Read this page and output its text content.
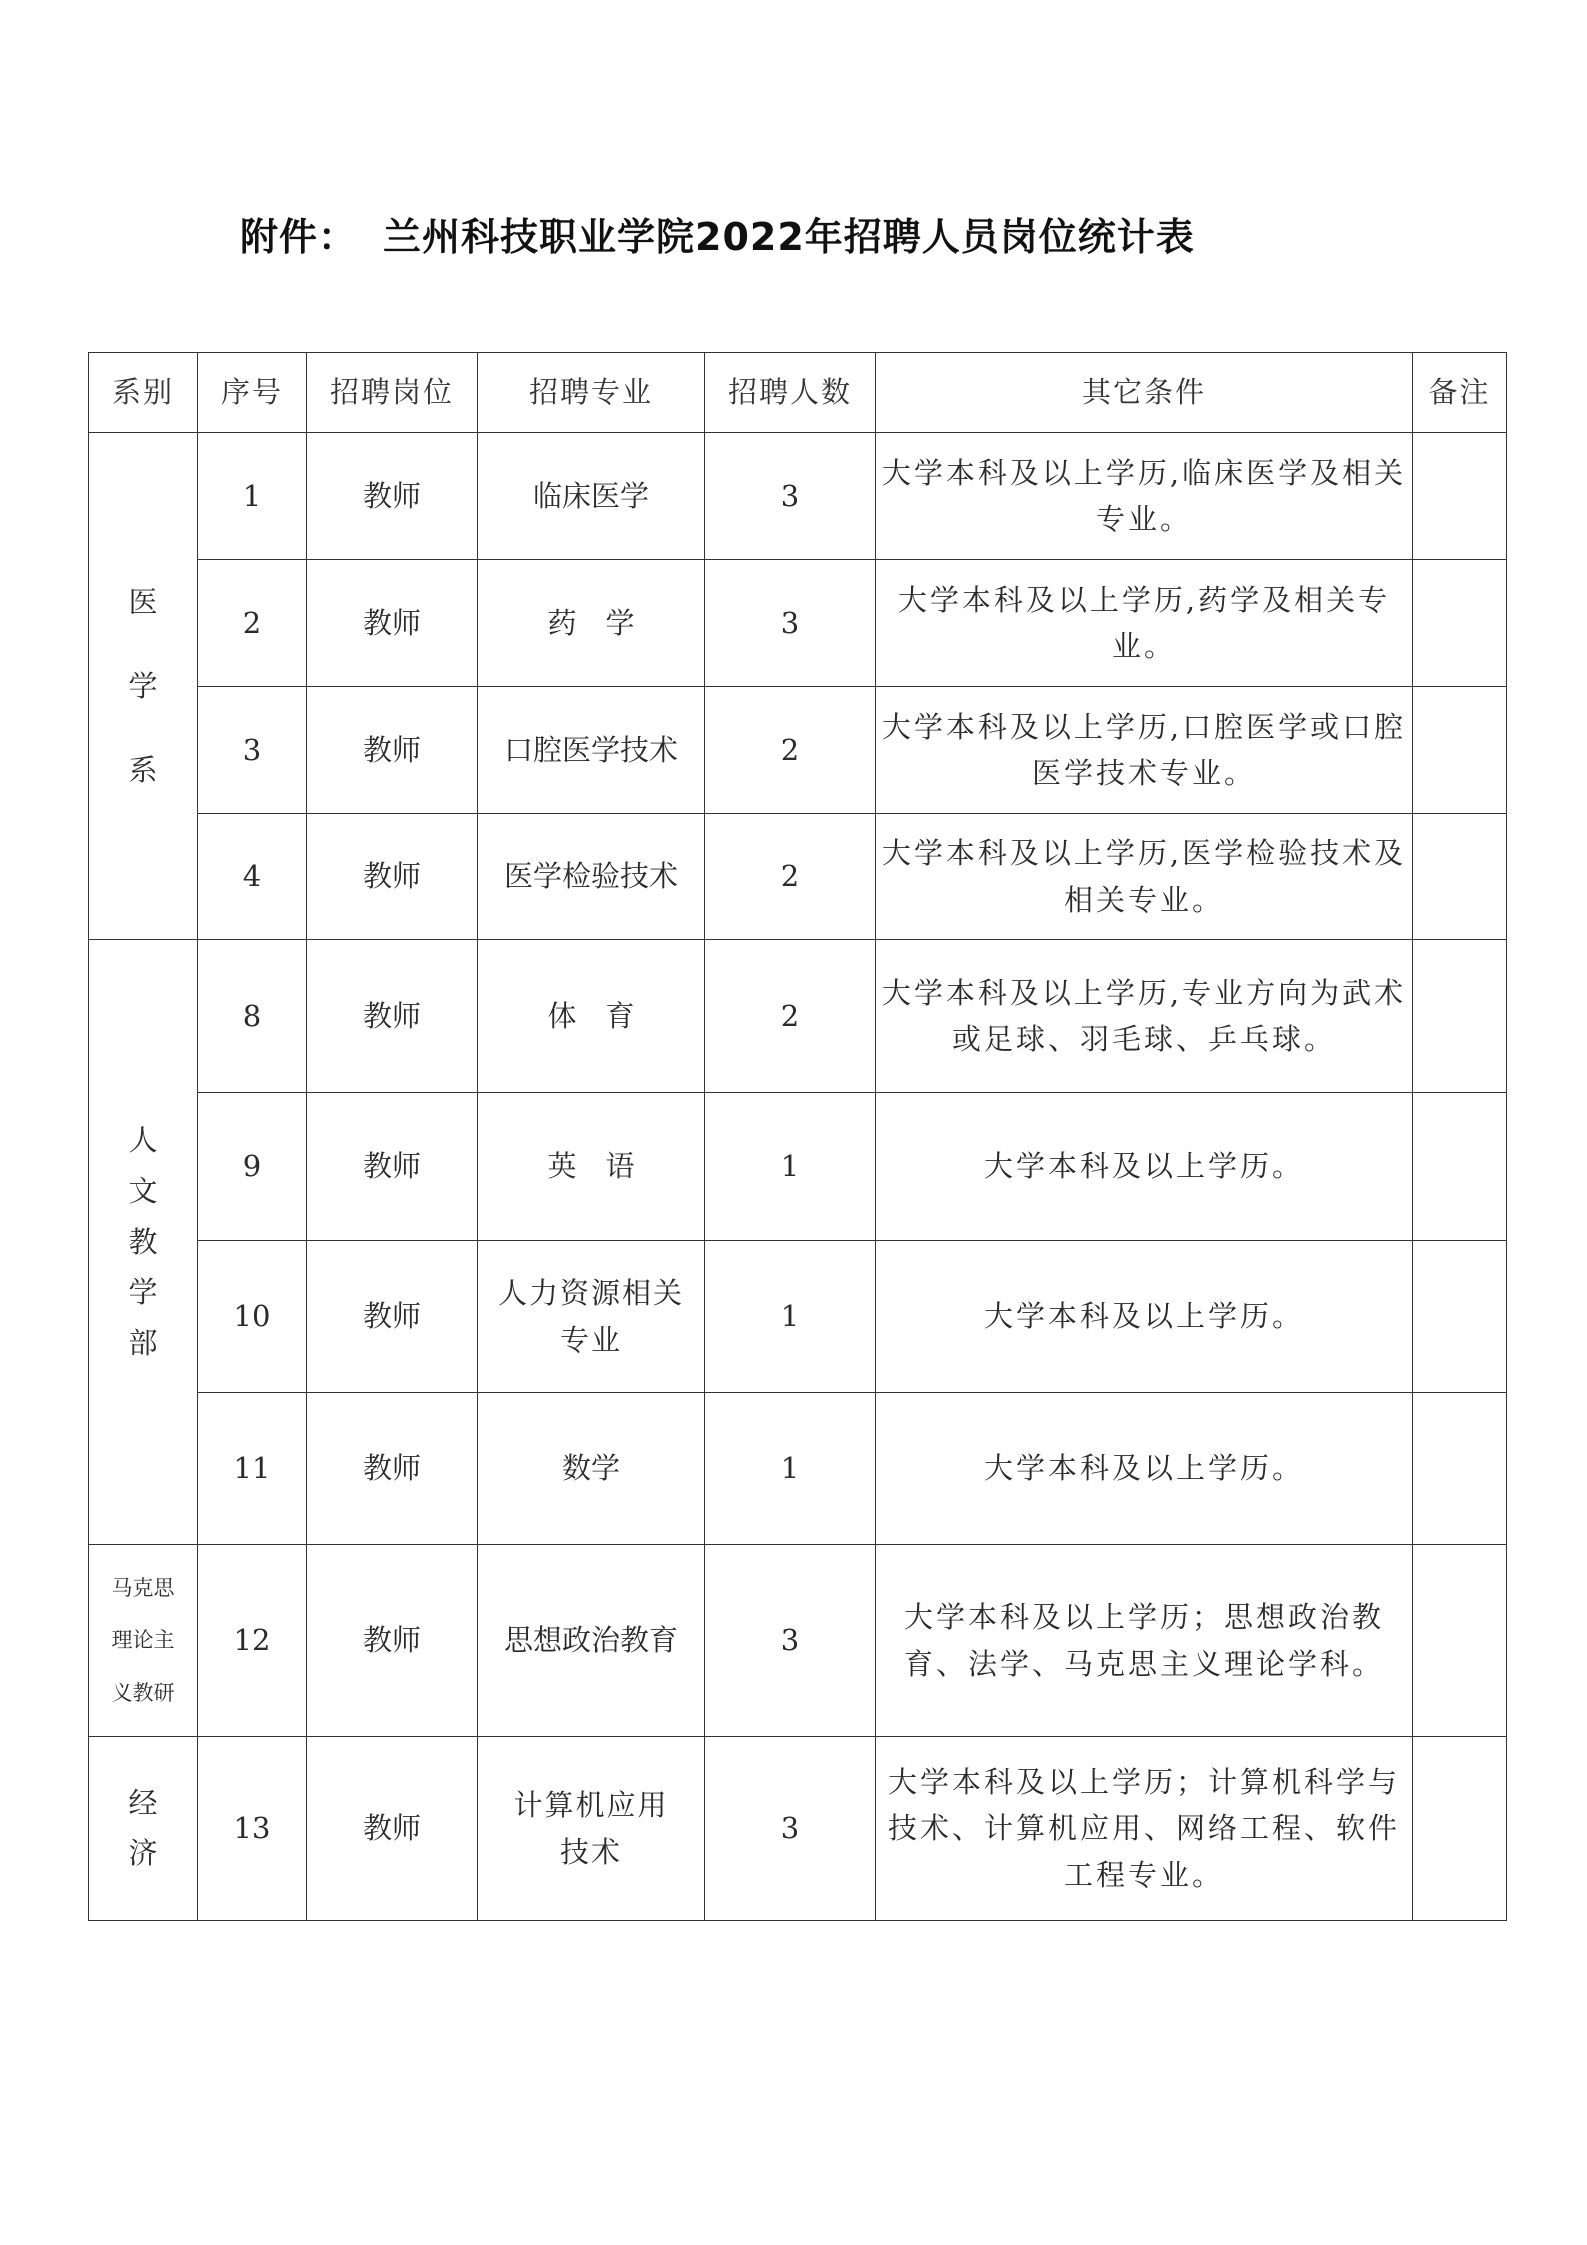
附件： 兰州科技职业学院2022年招聘人员岗位统计表
系别	序号	招聘岗位	招聘专业	招聘人数	其它条件	备注
医学系	1	教师	临床医学	3	大学本科及以上学历,临床医学及相关专业。	
	2	教师	药　学	3	大学本科及以上学历,药学及相关专业。	
	3	教师	口腔医学技术	2	大学本科及以上学历,口腔医学或口腔医学技术专业。	
	4	教师	医学检验技术	2	大学本科及以上学历,医学检验技术及相关专业。	
人文教学部	8	教师	体　育	2	大学本科及以上学历,专业方向为武术或足球、羽毛球、乒乓球。	
	9	教师	英　语	1	大学本科及以上学历。	
	10	教师	人力资源相关专业	1	大学本科及以上学历。	
	11	教师	数学	1	大学本科及以上学历。	
马克思理论主义教研	12	教师	思想政治教育	3	大学本科及以上学历；思想政治教育、法学、马克思主义理论学科。	
经济	13	教师	计算机应用技术	3	大学本科及以上学历；计算机科学与技术、计算机应用、网络工程、软件工程专业。	
